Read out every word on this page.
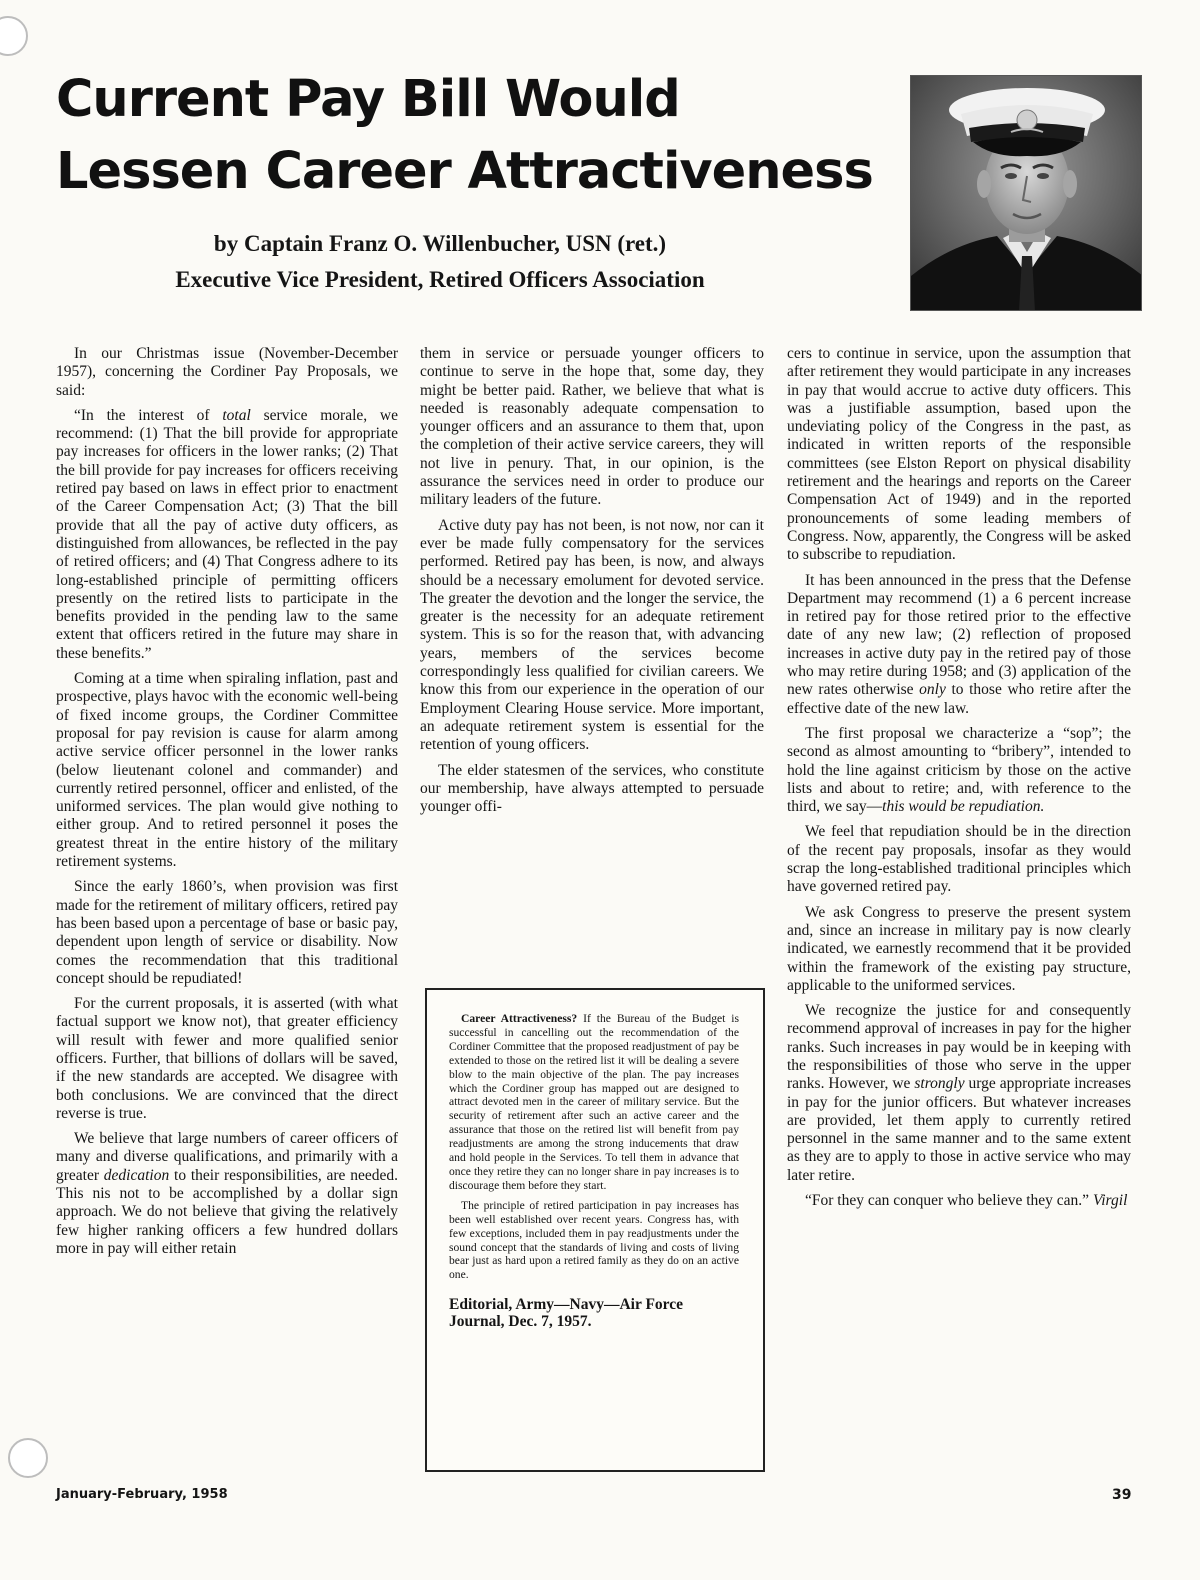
Current Pay Bill Would
Lessen Career Attractiveness

by Captain Franz O. Willenbucher, USN (ret.)

Executive Vice President, Retired Officers Association

In our Christmas issue (November-December 1957), concerning the Cordiner Pay Proposals, we said:

“In the interest of total service morale, we recommend: (1) That the bill provide for appropriate pay increases for officers in the lower ranks; (2) That the bill provide for pay increases for officers receiving retired pay based on laws in effect prior to enactment of the Career Compensation Act; (3) That the bill provide that all the pay of active duty officers, as distinguished from allowances, be reflected in the pay of retired officers; and (4) That Congress adhere to its long-established principle of permitting officers presently on the retired lists to participate in the benefits provided in the pending law to the same extent that officers retired in the future may share in these benefits.”

Coming at a time when spiraling inflation, past and prospective, plays havoc with the economic well-being of fixed income groups, the Cordiner Committee proposal for pay revision is cause for alarm among active service officer personnel in the lower ranks (below lieutenant colonel and commander) and currently retired personnel, officer and enlisted, of the uniformed services. The plan would give nothing to either group. And to retired personnel it poses the greatest threat in the entire history of the military retirement systems.

Since the early 1860’s, when provision was first made for the retirement of military officers, retired pay has been based upon a percentage of base or basic pay, dependent upon length of service or disability. Now comes the recommendation that this traditional concept should be repudiated!

For the current proposals, it is asserted (with what factual support we know not), that greater efficiency will result with fewer and more qualified senior officers. Further, that billions of dollars will be saved, if the new standards are accepted. We disagree with both conclusions. We are convinced that the direct reverse is true.

We believe that large numbers of career officers of many and diverse qualifications, and primarily with a greater dedication to their responsibilities, are needed. This nis not to be accomplished by a dollar sign approach. We do not believe that giving the relatively few higher ranking officers a few hundred dollars more in pay will either retain

them in service or persuade younger officers to continue to serve in the hope that, some day, they might be better paid. Rather, we believe that what is needed is reasonably adequate compensation to younger officers and an assurance to them that, upon the completion of their active service careers, they will not live in penury. That, in our opinion, is the assurance the services need in order to produce our military leaders of the future.

Active duty pay has not been, is not now, nor can it ever be made fully compensatory for the services performed. Retired pay has been, is now, and always should be a necessary emolument for devoted service. The greater the devotion and the longer the service, the greater is the necessity for an adequate retirement system. This is so for the reason that, with advancing years, members of the services become correspondingly less qualified for civilian careers. We know this from our experience in the operation of our Employment Clearing House service. More important, an adequate retirement system is essential for the retention of young officers.

The elder statesmen of the services, who constitute our membership, have always attempted to persuade younger offi-

Career Attractiveness? If the Bureau of the Budget is successful in cancelling out the recommendation of the Cordiner Committee that the proposed readjustment of pay be extended to those on the retired list it will be dealing a severe blow to the main objective of the plan. The pay increases which the Cordiner group has mapped out are designed to attract devoted men in the career of military service. But the security of retirement after such an active career and the assurance that those on the retired list will benefit from pay readjustments are among the strong inducements that draw and hold people in the Services. To tell them in advance that once they retire they can no longer share in pay increases is to discourage them before they start.

The principle of retired participation in pay increases has been well established over recent years. Congress has, with few exceptions, included them in pay readjustments under the sound concept that the standards of living and costs of living bear just as hard upon a retired family as they do on an active one.

Editorial, Army—Navy—Air Force Journal, Dec. 7, 1957.

cers to continue in service, upon the assumption that after retirement they would participate in any increases in pay that would accrue to active duty officers. This was a justifiable assumption, based upon the undeviating policy of the Congress in the past, as indicated in written reports of the responsible committees (see Elston Report on physical disability retirement and the hearings and reports on the Career Compensation Act of 1949) and in the reported pronouncements of some leading members of Congress. Now, apparently, the Congress will be asked to subscribe to repudiation.

It has been announced in the press that the Defense Department may recommend (1) a 6 percent increase in retired pay for those retired prior to the effective date of any new law; (2) reflection of proposed increases in active duty pay in the retired pay of those who may retire during 1958; and (3) application of the new rates otherwise only to those who retire after the effective date of the new law.

The first proposal we characterize a “sop”; the second as almost amounting to “bribery”, intended to hold the line against criticism by those on the active lists and about to retire; and, with reference to the third, we say—this would be repudiation.

We feel that repudiation should be in the direction of the recent pay proposals, insofar as they would scrap the long-established traditional principles which have governed retired pay.

We ask Congress to preserve the present system and, since an increase in military pay is now clearly indicated, we earnestly recommend that it be provided within the framework of the existing pay structure, applicable to the uniformed services.

We recognize the justice for and consequently recommend approval of increases in pay for the higher ranks. Such increases in pay would be in keeping with the responsibilities of those who serve in the upper ranks. However, we strongly urge appropriate increases in pay for the junior officers. But whatever increases are provided, let them apply to currently retired personnel in the same manner and to the same extent as they are to apply to those in active service who may later retire.

“For they can conquer who believe they can.” Virgil

January-February, 1958	39
